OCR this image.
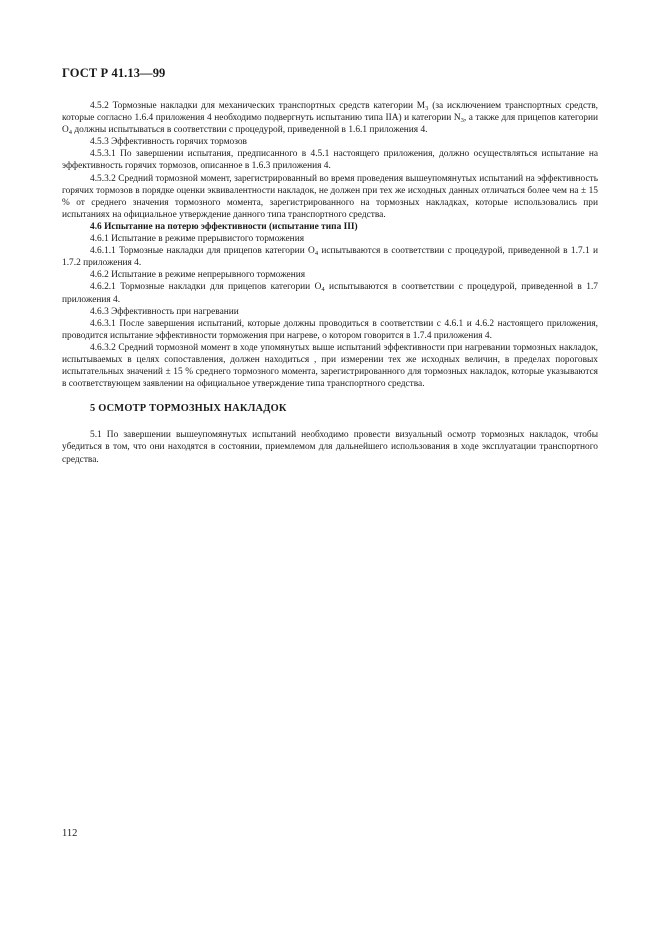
ГОСТ Р 41.13—99

4.5.2 Тормозные накладки для механических транспортных средств категории $М_3$ (за исключением транспортных средств, которые согласно 1.6.4 приложения 4 необходимо подвергнуть испытанию типа IIА) и категории $N_3$, а также для прицепов категории $О_4$ должны испытываться в соответствии с процедурой, приведенной в 1.6.1 приложения 4.

4.5.3 Эффективность горячих тормозов

4.5.3.1 По завершении испытания, предписанного в 4.5.1 настоящего приложения, должно осуществляться испытание на эффективность горячих тормозов, описанное в 1.6.3 приложения 4.

4.5.3.2 Средний тормозной момент, зарегистрированный во время проведения вышеупомянутых испытаний на эффективность горячих тормозов в порядке оценки эквивалентности накладок, не должен при тех же исходных данных отличаться более чем на ± 15 % от среднего значения тормозного момента, зарегистрированного на тормозных накладках, которые использовались при испытаниях на официальное утверждение данного типа транспортного средства.

4.6 Испытание на потерю эффективности (испытание типа III)

4.6.1 Испытание в режиме прерывистого торможения

4.6.1.1 Тормозные накладки для прицепов категории $О_4$ испытываются в соответствии с процедурой, приведенной в 1.7.1 и 1.7.2 приложения 4.

4.6.2 Испытание в режиме непрерывного торможения

4.6.2.1 Тормозные накладки для прицепов категории $О_4$ испытываются в соответствии с процедурой, приведенной в 1.7 приложения 4.

4.6.3 Эффективность при нагревании

4.6.3.1 После завершения испытаний, которые должны проводиться в соответствии с 4.6.1 и 4.6.2 настоящего приложения, проводится испытание эффективности торможения при нагреве, о котором говорится в 1.7.4 приложения 4.

4.6.3.2 Средний тормозной момент в ходе упомянутых выше испытаний эффективности при нагревании тормозных накладок, испытываемых в целях сопоставления, должен находиться , при измерении тех же исходных величин, в пределах пороговых испытательных значений ± 15 % среднего тормозного момента, зарегистрированного для тормозных накладок, которые указываются в соответствующем заявлении на официальное утверждение типа транспортного средства.

5 ОСМОТР ТОРМОЗНЫХ НАКЛАДОК

5.1 По завершении вышеупомянутых испытаний необходимо провести визуальный осмотр тормозных накладок, чтобы убедиться в том, что они находятся в состоянии, приемлемом для дальнейшего использования в ходе эксплуатации транспортного средства.

112
